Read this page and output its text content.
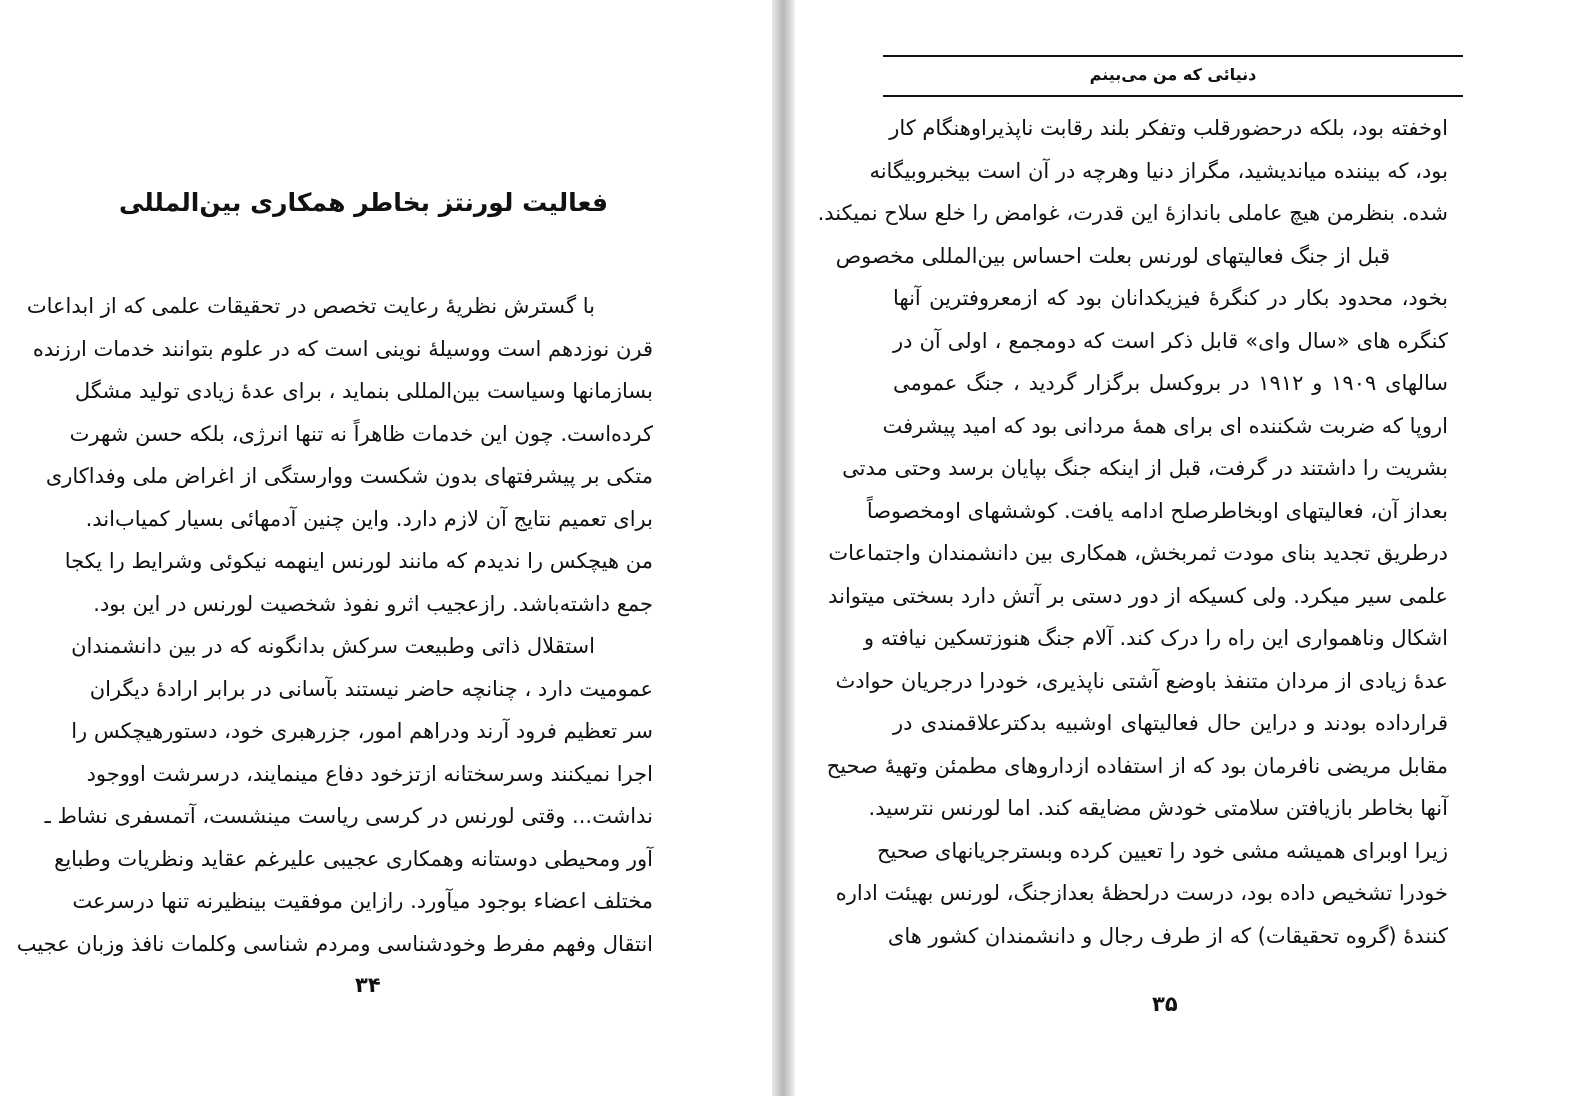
فعالیت لورنتز بخاطر همکاری بین‌المللی
با گسترش نظریهٔ رعایت تخصص در تحقیقات علمی که از ابداعات
قرن نوزدهم است ووسیلهٔ نوینی است که در علوم بتوانند خدمات ارزنده
بسازمانها وسیاست بین‌المللی بنماید ، برای عدهٔ زیادی تولید مشگل
کرده‌است. چون این خدمات ظاهراً نه تنها انرژی، بلکه حسن شهرت
متکی بر پیشرفتهای بدون شکست ووارستگی از اغراض ملی وفداکاری
برای تعمیم نتایج آن لازم دارد. واین چنین آدمهائی بسیار کمیاب‌اند.
من هیچکس را ندیدم که مانند لورنس اینهمه نیکوئی وشرایط را یکجا
جمع داشته‌باشد. رازعجیب اثرو نفوذ شخصیت لورنس در این بود.
استقلال ذاتی وطبیعت سرکش بدانگونه که در بین دانشمندان
عمومیت دارد ، چنانچه حاضر نیستند بآسانی در برابر ارادهٔ دیگران
سر تعظیم فرود آرند ودراهم امور، جزرهبری خود، دستورهیچکس را
اجرا نمیکنند وسرسختانه ازتزخود دفاع مینمایند، درسرشت اووجود
نداشت... وقتی لورنس در کرسی ریاست مینشست، آتمسفری نشاط ـ
آور ومحیطی دوستانه وهمکاری عجیبی علیرغم عقاید ونظریات وطبایع
مختلف اعضاء بوجود میآورد. رازاین موفقیت بینظیرنه تنها درسرعت
انتقال وفهم مفرط وخودشناسی ومردم شناسی وکلمات نافذ وزبان عجیب
۳۴
دنیائی که من می‌بینم
اوخفته بود، بلکه درحضورقلب وتفکر بلند رقابت ناپذیراوهنگام کار
بود، که بیننده میاندیشید، مگراز دنیا وهرچه در آن است بیخبروبیگانه
شده. بنظرمن هیچ عاملی باندازهٔ این قدرت، غوامض را خلع سلاح نمیکند.
قبل از جنگ فعالیتهای لورنس بعلت احساس بین‌المللی مخصوص
بخود، محدود بکار در کنگرهٔ فیزیکدانان بود که ازمعروفترین آنها
کنگره های «سال وای» قابل ذکر است که دومجمع ، اولی آن در
سالهای ۱۹۰۹ و ۱۹۱۲ در بروکسل برگزار گردید ، جنگ عمومی
اروپا که ضربت شکننده ای برای همهٔ مردانی بود که امید پیشرفت
بشریت را داشتند در گرفت، قبل از اینکه جنگ بپایان برسد وحتی مدتی
بعداز آن، فعالیتهای اوبخاطرصلح ادامه یافت. کوششهای اومخصوصاً
درطریق تجدید بنای مودت ثمربخش، همکاری بین دانشمندان واجتماعات
علمی سیر میکرد. ولی کسیکه از دور دستی بر آتش دارد بسختی میتواند
اشکال وناهمواری این راه را درک کند. آلام جنگ هنوزتسکین نیافته و
عدهٔ زیادی از مردان متنفذ باوضع آشتی ناپذیری، خودرا درجریان حوادث
قرارداده بودند و دراین حال فعالیتهای اوشبیه بدکترعلاقمندی در
مقابل مریضی نافرمان بود که از استفاده ازداروهای مطمئن وتهیهٔ صحیح
آنها بخاطر بازیافتن سلامتی خودش مضایقه کند. اما لورنس نترسید.
زیرا اوبرای همیشه مشی خود را تعیین کرده وبسترجریانهای صحیح
خودرا تشخیص داده بود، درست درلحظهٔ بعدازجنگ، لورنس بهیئت اداره
کنندهٔ (گروه تحقیقات) که از طرف رجال و دانشمندان کشور های
۳۵
